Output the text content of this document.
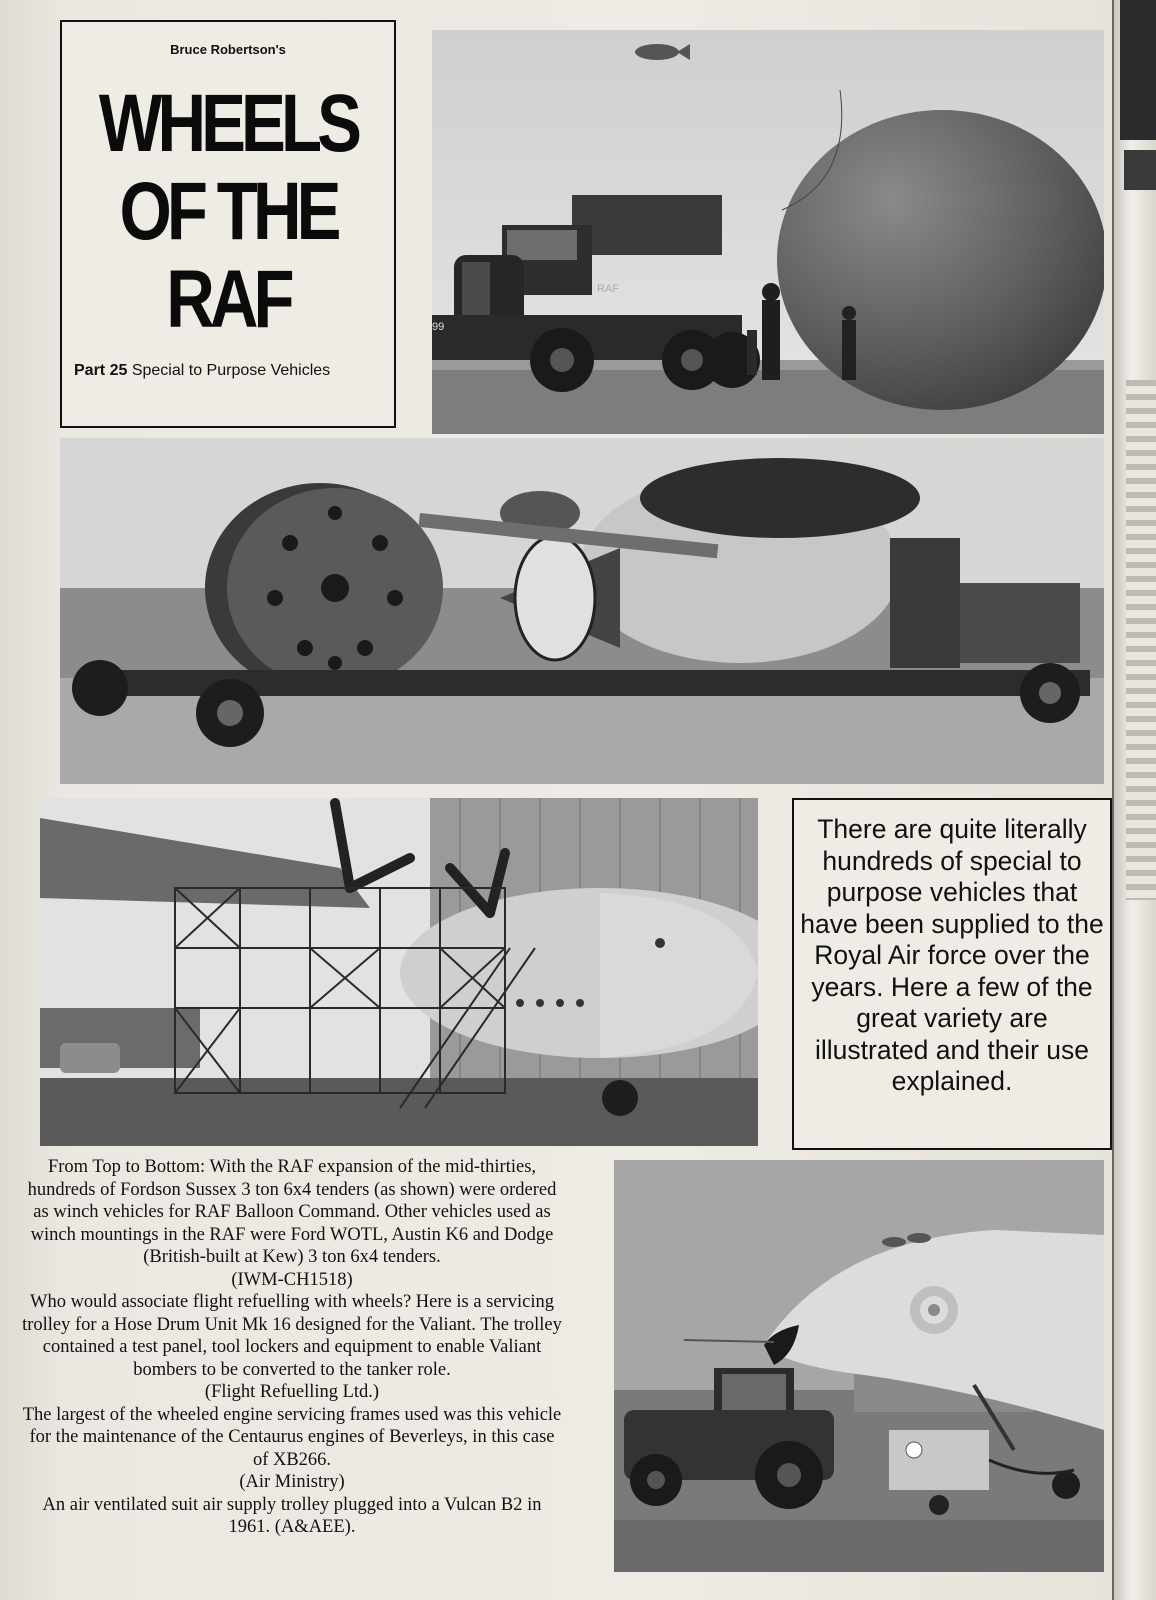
Bruce Robertson's
WHEELS
OF THE
RAF
Part 25 Special to Purpose Vehicles
RAF
99

There are quite literally hundreds of special to purpose vehicles that have been supplied to the Royal Air force over the years. Here a few of the great variety are illustrated and their use explained.

From Top to Bottom: With the RAF expansion of the mid-thirties, hundreds of Fordson Sussex 3 ton 6x4 tenders (as shown) were ordered as winch vehicles for RAF Balloon Command. Other vehicles used as winch mountings in the RAF were Ford WOTL, Austin K6 and Dodge (British-built at Kew) 3 ton 6x4 tenders.

(IWM-CH1518)

Who would associate flight refuelling with wheels? Here is a servicing trolley for a Hose Drum Unit Mk 16 designed for the Valiant. The trolley contained a test panel, tool lockers and equipment to enable Valiant bombers to be converted to the tanker role.

(Flight Refuelling Ltd.)

The largest of the wheeled engine servicing frames used was this vehicle for the maintenance of the Centaurus engines of Beverleys, in this case of XB266.

(Air Ministry)

An air ventilated suit air supply trolley plugged into a Vulcan B2 in 1961. (A&AEE).
